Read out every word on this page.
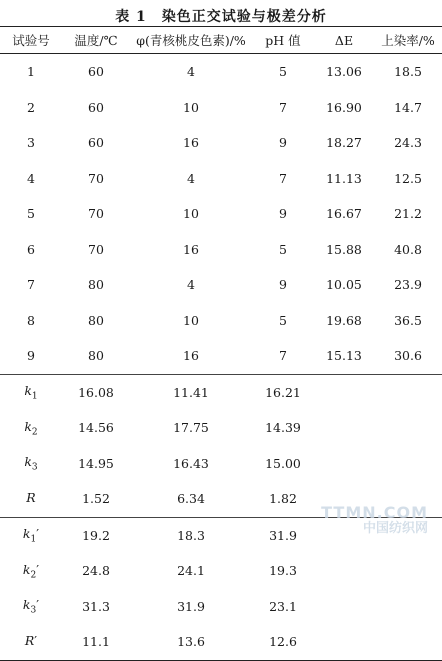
表 1　染色正交试验与极差分析
试验号	温度/℃	φ(青核桃皮色素)/%	pH 值	ΔE	上染率/%
1	60	4	5	13.06	18.5
2	60	10	7	16.90	14.7
3	60	16	9	18.27	24.3
4	70	4	7	11.13	12.5
5	70	10	9	16.67	21.2
6	70	16	5	15.88	40.8
7	80	4	9	10.05	23.9
8	80	10	5	19.68	36.5
9	80	16	7	15.13	30.6
$k_1$	16.08	11.41	16.21		
$k_2$	14.56	17.75	14.39		
$k_3$	14.95	16.43	15.00		
R	1.52	6.34	1.82		
$k_1'$	19.2	18.3	31.9		
$k_2'$	24.8	24.1	19.3		
$k_3'$	31.3	31.9	23.1		
R′	11.1	13.6	12.6		
TTMN.COM
中国纺织网
